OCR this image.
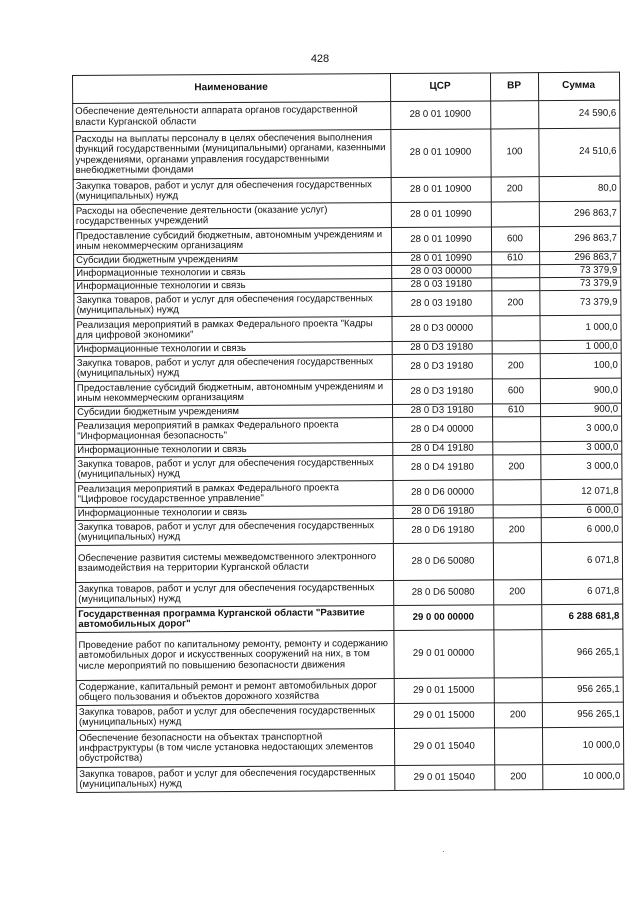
428
Наименование	ЦСР	ВР	Сумма
Обеспечение деятельности аппарата органов государственной власти Курганской области	28 0 01 10900		24 590,6
Расходы на выплаты персоналу в целях обеспечения выполнения функций государственными (муниципальными) органами, казенными учреждениями, органами управления государственными внебюджетными фондами	28 0 01 10900	100	24 510,6
Закупка товаров, работ и услуг для обеспечения государственных (муниципальных) нужд	28 0 01 10900	200	80,0
Расходы на обеспечение деятельности (оказание услуг) государственных учреждений	28 0 01 10990		296 863,7
Предоставление субсидий бюджетным, автономным учреждениям и иным некоммерческим организациям	28 0 01 10990	600	296 863,7
Субсидии бюджетным учреждениям	28 0 01 10990	610	296 863,7
Информационные технологии и связь	28 0 03 00000		73 379,9
Информационные технологии и связь	28 0 03 19180		73 379,9
Закупка товаров, работ и услуг для обеспечения государственных (муниципальных) нужд	28 0 03 19180	200	73 379,9
Реализация мероприятий в рамках Федерального проекта "Кадры для цифровой экономики"	28 0 D3 00000		1 000,0
Информационные технологии и связь	28 0 D3 19180		1 000,0
Закупка товаров, работ и услуг для обеспечения государственных (муниципальных) нужд	28 0 D3 19180	200	100,0
Предоставление субсидий бюджетным, автономным учреждениям и иным некоммерческим организациям	28 0 D3 19180	600	900,0
Субсидии бюджетным учреждениям	28 0 D3 19180	610	900,0
Реализация мероприятий в рамках Федерального проекта "Информационная безопасность"	28 0 D4 00000		3 000,0
Информационные технологии и связь	28 0 D4 19180		3 000,0
Закупка товаров, работ и услуг для обеспечения государственных (муниципальных) нужд	28 0 D4 19180	200	3 000,0
Реализация мероприятий в рамках Федерального проекта "Цифровое государственное управление"	28 0 D6 00000		12 071,8
Информационные технологии и связь	28 0 D6 19180		6 000,0
Закупка товаров, работ и услуг для обеспечения государственных (муниципальных) нужд	28 0 D6 19180	200	6 000,0
Обеспечение развития системы межведомственного электронного взаимодействия на территории Курганской области	28 0 D6 50080		6 071,8
Закупка товаров, работ и услуг для обеспечения государственных (муниципальных) нужд	28 0 D6 50080	200	6 071,8
Государственная программа Курганской области "Развитие автомобильных дорог"	29 0 00 00000		6 288 681,8
Проведение работ по капитальному ремонту, ремонту и содержанию автомобильных дорог и искусственных сооружений на них, в том числе мероприятий по повышению безопасности движения	29 0 01 00000		966 265,1
Содержание, капитальный ремонт и ремонт автомобильных дорог общего пользования и объектов дорожного хозяйства	29 0 01 15000		956 265,1
Закупка товаров, работ и услуг для обеспечения государственных (муниципальных) нужд	29 0 01 15000	200	956 265,1
Обеспечение безопасности на объектах транспортной инфраструктуры (в том числе установка недостающих элементов обустройства)	29 0 01 15040		10 000,0
Закупка товаров, работ и услуг для обеспечения государственных (муниципальных) нужд	29 0 01 15040	200	10 000,0
·
